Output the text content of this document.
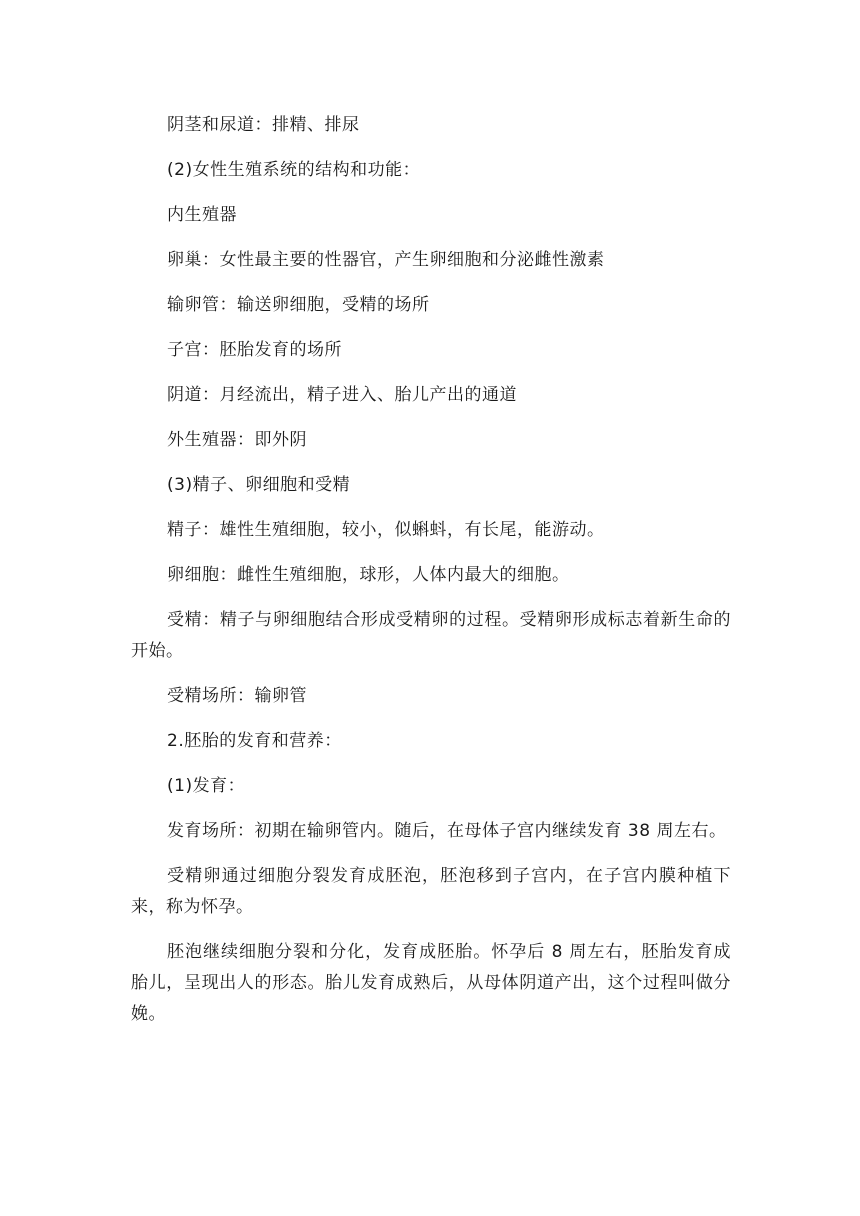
阴茎和尿道：排精、排尿

(2)女性生殖系统的结构和功能：

内生殖器

卵巢：女性最主要的性器官，产生卵细胞和分泌雌性激素

输卵管：输送卵细胞，受精的场所

子宫：胚胎发育的场所

阴道：月经流出，精子进入、胎儿产出的通道

外生殖器：即外阴

(3)精子、卵细胞和受精

精子：雄性生殖细胞，较小，似蝌蚪，有长尾，能游动。

卵细胞：雌性生殖细胞，球形，人体内最大的细胞。

受精：精子与卵细胞结合形成受精卵的过程。受精卵形成标志着新生命的开始。

受精场所：输卵管

2.胚胎的发育和营养：

(1)发育：

发育场所：初期在输卵管内。随后，在母体子宫内继续发育 38 周左右。

受精卵通过细胞分裂发育成胚泡，胚泡移到子宫内，在子宫内膜种植下来，称为怀孕。

胚泡继续细胞分裂和分化，发育成胚胎。怀孕后 8 周左右，胚胎发育成胎儿，呈现出人的形态。胎儿发育成熟后，从母体阴道产出，这个过程叫做分娩。
